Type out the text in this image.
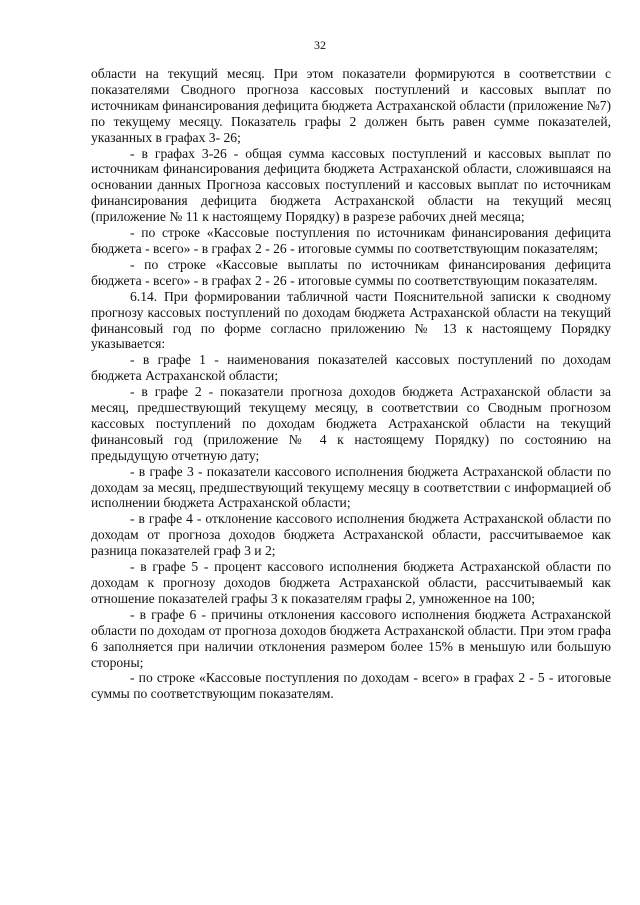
32

области на текущий месяц. При этом показатели формируются в соответствии с показателями Сводного прогноза кассовых поступлений и кассовых выплат по источникам финансирования дефицита бюджета Астраханской области (приложение №7) по текущему месяцу. Показатель графы 2 должен быть равен сумме показателей, указанных в графах 3- 26;

- в графах 3-26 - общая сумма кассовых поступлений и кассовых выплат по источникам финансирования дефицита бюджета Астраханской области, сложившаяся на основании данных Прогноза кассовых поступлений и кассовых выплат по источникам финансирования дефицита бюджета Астраханской области на текущий месяц (приложение № 11 к настоящему Порядку) в разрезе рабочих дней месяца;

- по строке «Кассовые поступления по источникам финансирования дефицита бюджета - всего» - в графах 2 - 26 - итоговые суммы по соответствующим показателям;

- по строке «Кассовые выплаты по источникам финансирования дефицита бюджета - всего» - в графах 2 - 26 - итоговые суммы по соответствующим показателям.

6.14. При формировании табличной части Пояснительной записки к сводному прогнозу кассовых поступлений по доходам бюджета Астраханской области на текущий финансовый год по форме согласно приложению № 13 к настоящему Порядку указывается:

- в графе 1 - наименования показателей кассовых поступлений по доходам бюджета Астраханской области;

- в графе 2 - показатели прогноза доходов бюджета Астраханской области за месяц, предшествующий текущему месяцу, в соответствии со Сводным прогнозом кассовых поступлений по доходам бюджета Астраханской области на текущий финансовый год (приложение № 4 к настоящему Порядку) по состоянию на предыдущую отчетную дату;

- в графе 3 - показатели кассового исполнения бюджета Астраханской области по доходам за месяц, предшествующий текущему месяцу в соответствии с информацией об исполнении бюджета Астраханской области;

- в графе 4 - отклонение кассового исполнения бюджета Астраханской области по доходам от прогноза доходов бюджета Астраханской области, рассчитываемое как разница показателей граф 3 и 2;

- в графе 5 - процент кассового исполнения бюджета Астраханской области по доходам к прогнозу доходов бюджета Астраханской области, рассчитываемый как отношение показателей графы 3 к показателям графы 2, умноженное на 100;

- в графе 6 - причины отклонения кассового исполнения бюджета Астраханской области по доходам от прогноза доходов бюджета Астраханской области. При этом графа 6 заполняется при наличии отклонения размером более 15% в меньшую или большую стороны;

- по строке «Кассовые поступления по доходам - всего» в графах 2 - 5 - итоговые суммы по соответствующим показателям.
